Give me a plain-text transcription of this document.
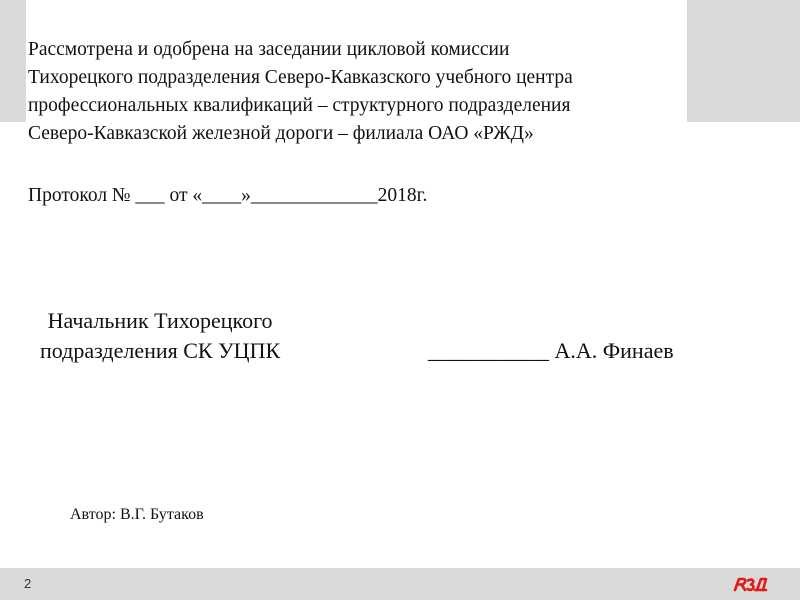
Рассмотрена и одобрена на заседании цикловой комиссии

Тихорецкого подразделения Северо-Кавказского учебного центра

профессиональных квалификаций – структурного подразделения

Северо-Кавказской железной дороги – филиала ОАО «РЖД»

Протокол № ___ от «____»_____________2018г.

Начальник Тихорецкого

подразделения СК УЦПК	___________ А.А. Финаев
Автор: В.Г. Бутаков
2
